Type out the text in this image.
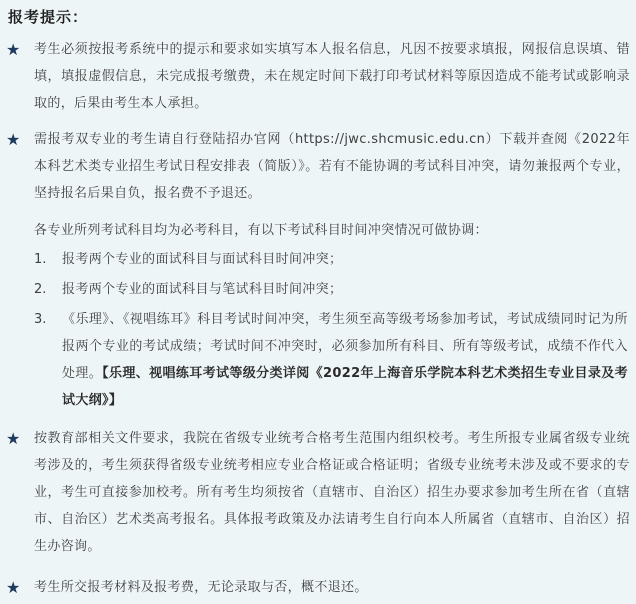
报考提示：
★ 考生必须按报考系统中的提示和要求如实填写本人报名信息，凡因不按要求填报，网报信息误填、错填，填报虚假信息，未完成报考缴费，未在规定时间下载打印考试材料等原因造成不能考试或影响录取的，后果由考生本人承担。
★ 需报考双专业的考生请自行登陆招办官网（https://jwc.shcmusic.edu.cn）下载并查阅《2022年本科艺术类专业招生考试日程安排表（简版）》。若有不能协调的考试科目冲突，请勿兼报两个专业，坚持报名后果自负，报名费不予退还。
各专业所列考试科目均为必考科目，有以下考试科目时间冲突情况可做协调：
1. 报考两个专业的面试科目与面试科目时间冲突；
2. 报考两个专业的面试科目与笔试科目时间冲突；
3. 《乐理》、《视唱练耳》科目考试时间冲突，考生须至高等级考场参加考试，考试成绩同时记为所报两个专业的考试成绩；考试时间不冲突时，必须参加所有科目、所有等级考试，成绩不作代入处理。【乐理、视唱练耳考试等级分类详阅《2022年上海音乐学院本科艺术类招生专业目录及考试大纲》】
★ 按教育部相关文件要求，我院在省级专业统考合格考生范围内组织校考。考生所报专业属省级专业统考涉及的，考生须获得省级专业统考相应专业合格证或合格证明；省级专业统考未涉及或不要求的专业，考生可直接参加校考。所有考生均须按省（直辖市、自治区）招生办要求参加考生所在省（直辖市、自治区）艺术类高考报名。具体报考政策及办法请考生自行向本人所属省（直辖市、自治区）招生办咨询。
★ 考生所交报考材料及报考费，无论录取与否，概不退还。
